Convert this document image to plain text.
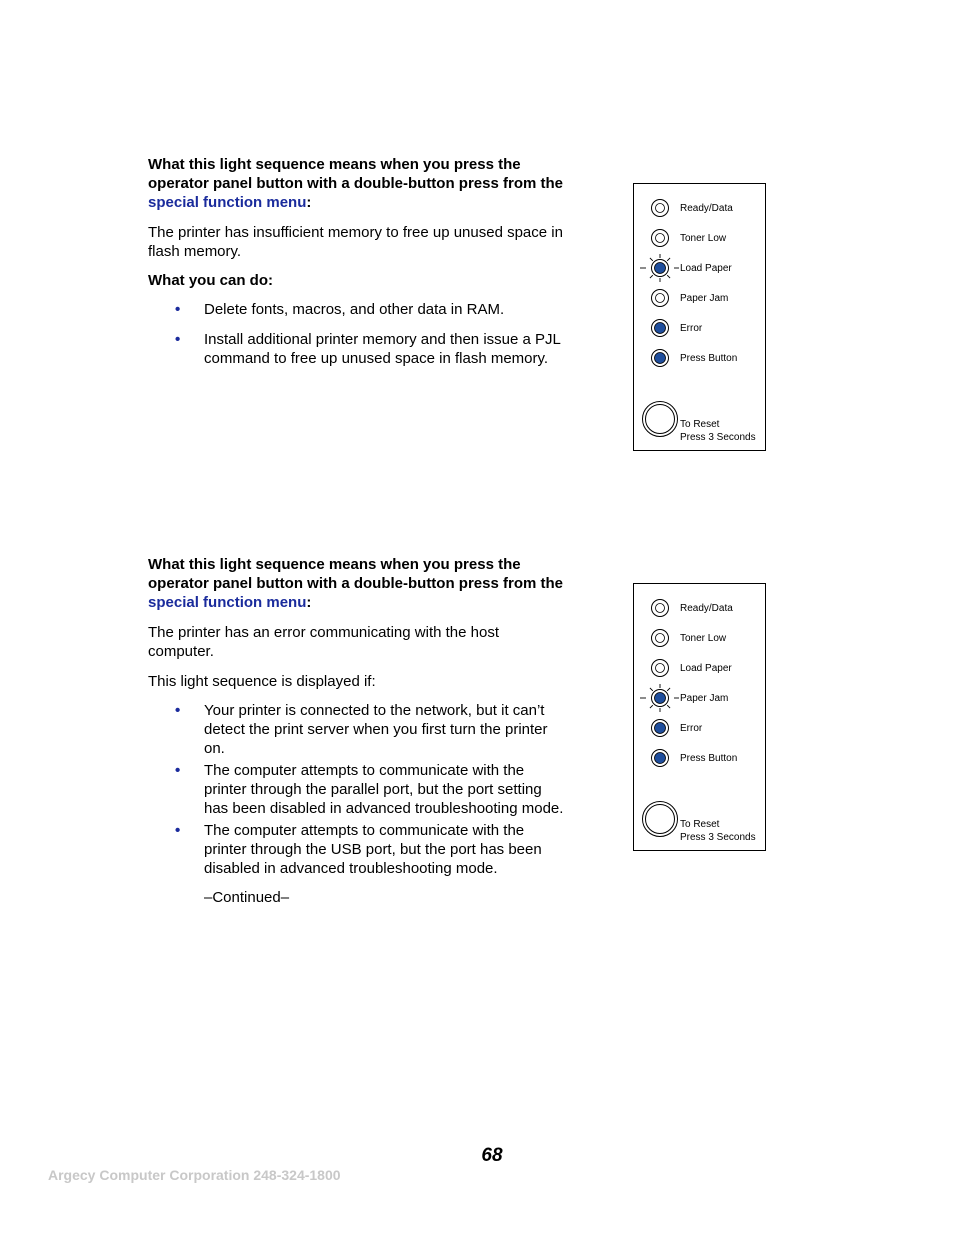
What this light sequence means when you press the operator panel button with a double-button press from the special function menu:

The printer has insufficient memory to free up unused space in flash memory.

What you can do:

• Delete fonts, macros, and other data in RAM.
• Install additional printer memory and then issue a PJL command to free up unused space in flash memory.
Ready/Data
Toner Low
Load Paper
Paper Jam
Error
Press Button
To Reset
Press 3 Seconds

What this light sequence means when you press the operator panel button with a double-button press from the special function menu:

The printer has an error communicating with the host computer.

This light sequence is displayed if:

• Your printer is connected to the network, but it can’t detect the print server when you first turn the printer on.
• The computer attempts to communicate with the printer through the parallel port, but the port setting has been disabled in advanced troubleshooting mode.
• The computer attempts to communicate with the printer through the USB port, but the port has been disabled in advanced troubleshooting mode.

–Continued–

Ready/Data
Toner Low
Load Paper
Paper Jam
Error
Press Button
To Reset
Press 3 Seconds
68
Argecy Computer Corporation 248-324-1800
